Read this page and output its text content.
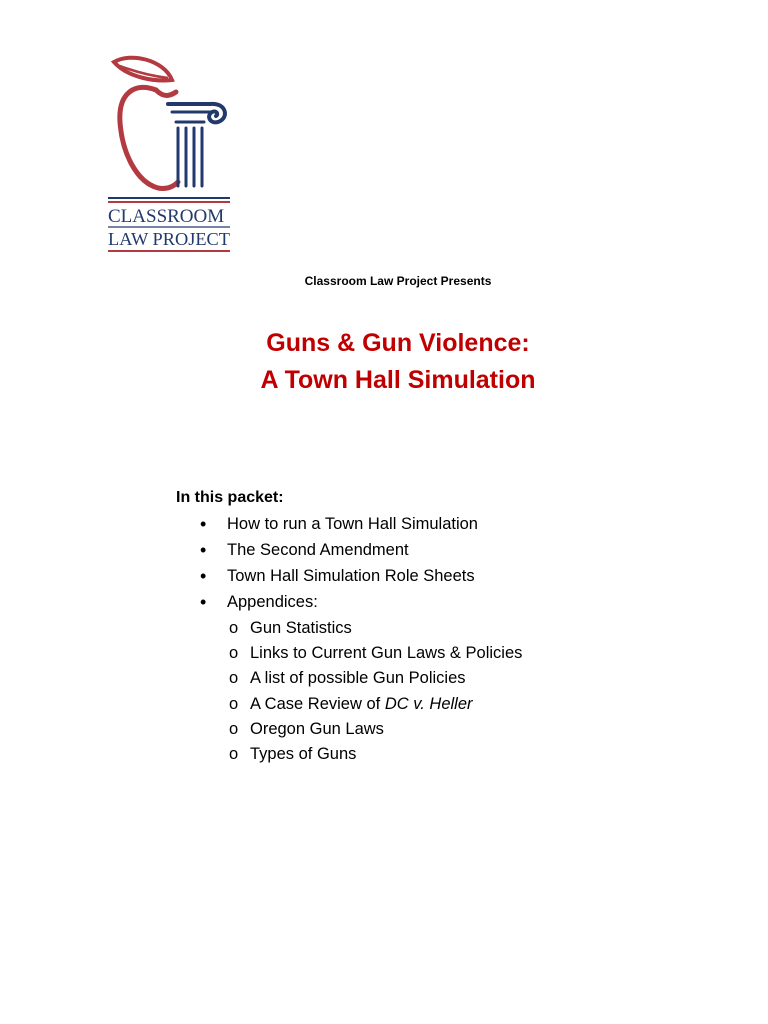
CLASSROOM
LAW PROJECT
Classroom Law Project Presents
Guns & Gun Violence:
A Town Hall Simulation
In this packet:
• How to run a Town Hall Simulation
• The Second Amendment
• Town Hall Simulation Role Sheets
• Appendices:
o Gun Statistics
o Links to Current Gun Laws & Policies
o A list of possible Gun Policies
o A Case Review of DC v. Heller
o Oregon Gun Laws
o Types of Guns
